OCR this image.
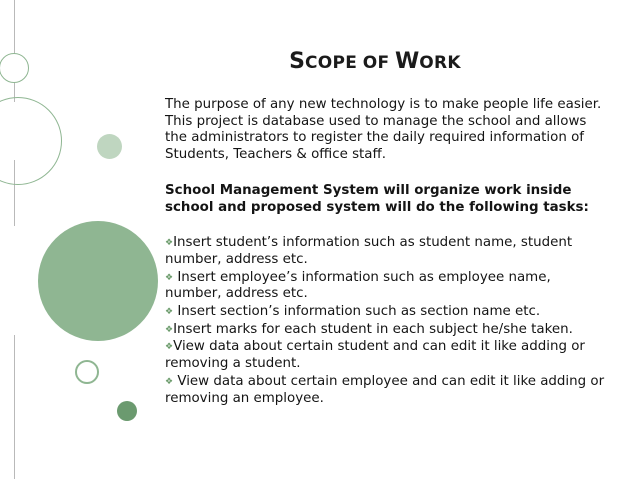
SCOPE OF WORK

The purpose of any new technology is to make people life easier. This project is database used to manage the school and allows the administrators to register the daily required information of Students, Teachers & office staff.

School Management System will organize work inside school and proposed system will do the following tasks:

❖Insert student’s information such as student name, student number, address etc.

❖ Insert employee’s information such as employee name, number, address etc.

❖ Insert section’s information such as section name etc.

❖Insert marks for each student in each subject he/she taken.

❖View data about certain student and can edit it like adding or removing a student.

❖ View data about certain employee and can edit it like adding or removing an employee.
